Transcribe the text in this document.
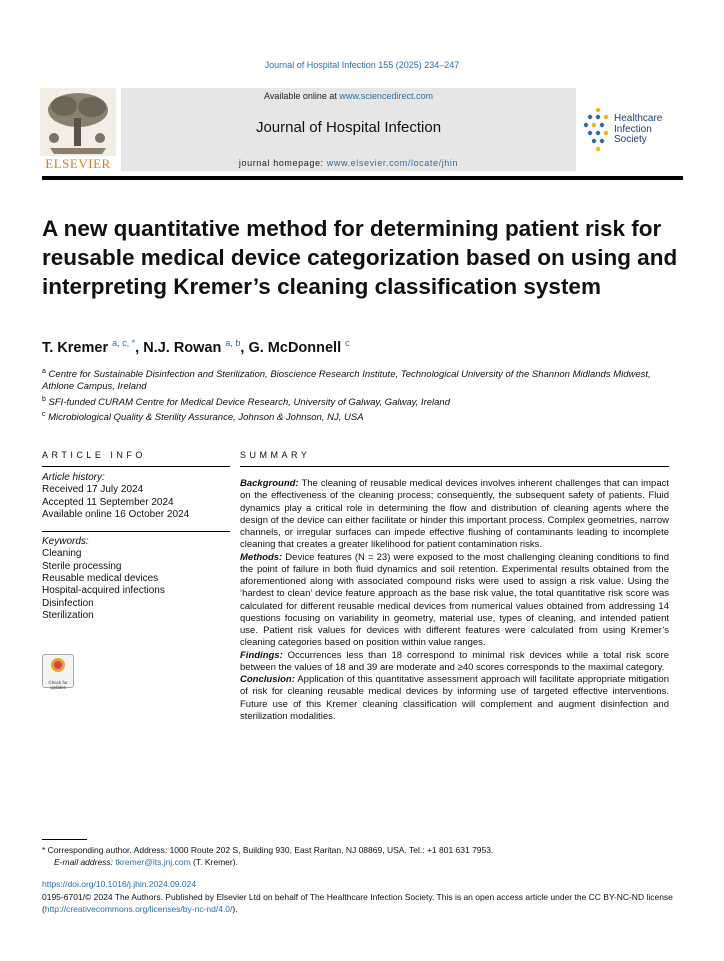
Journal of Hospital Infection 155 (2025) 234–247
Available online at www.sciencedirect.com
Journal of Hospital Infection
journal homepage: www.elsevier.com/locate/jhin
ELSEVIER
Healthcare
Infection
Society
A new quantitative method for determining patient risk for reusable medical device categorization based on using and interpreting Kremer’s cleaning classification system
T. Kremer $^{a, c, *}$, N.J. Rowan $^{a, b}$, G. McDonnell $^c$
$^a$ Centre for Sustainable Disinfection and Sterilization, Bioscience Research Institute, Technological University of the Shannon Midlands Midwest, Athlone Campus, Ireland
$^b$ SFI-funded CURAM Centre for Medical Device Research, University of Galway, Galway, Ireland
$^c$ Microbiological Quality & Sterility Assurance, Johnson & Johnson, NJ, USA
ARTICLE INFO
Article history:
Received 17 July 2024
Accepted 11 September 2024
Available online 16 October 2024
Keywords:
Cleaning
Sterile processing
Reusable medical devices
Hospital-acquired infections
Disinfection
Sterilization
Check for updates
SUMMARY

Background: The cleaning of reusable medical devices involves inherent challenges that can impact on the effectiveness of the cleaning process; consequently, the subsequent safety of patients. Fluid dynamics play a critical role in determining the flow and distribution of cleaning agents where the design of the device can either facilitate or hinder this important process. Complex geometries, narrow channels, or irregular surfaces can impede effective flushing of contaminants leading to incomplete cleaning that creates a greater likelihood for patient contamination risks.

Methods: Device features (N = 23) were exposed to the most challenging cleaning conditions to find the point of failure in both fluid dynamics and soil retention. Experimental results obtained from the aforementioned along with associated compound risks were used to assign a risk value. Using the ‘hardest to clean’ device feature approach as the base risk value, the total quantitative risk score was calculated for different reusable medical devices from numerical values obtained from addressing 14 questions focusing on variability in geometry, material use, types of cleaning, and intended patient use. Patient risk values for devices with different features were calculated from using Kremer’s cleaning categories based on position within value ranges.

Findings: Occurrences less than 18 correspond to minimal risk devices while a total risk score between the values of 18 and 39 are moderate and ≥40 scores corresponds to the maximal category.

Conclusion: Application of this quantitative assessment approach will facilitate appropriate mitigation of risk for cleaning reusable medical devices by informing use of targeted effective interventions. Future use of this Kremer cleaning classification will complement and augment disinfection and sterilization modalities.

* Corresponding author. Address: 1000 Route 202 S, Building 930, East Raritan, NJ 08869, USA. Tel.: +1 801 631 7953.
E-mail address: tkremer@its.jnj.com (T. Kremer).
https://doi.org/10.1016/j.jhin.2024.09.024
0195-6701/© 2024 The Authors. Published by Elsevier Ltd on behalf of The Healthcare Infection Society. This is an open access article under the CC BY-NC-ND license (http://creativecommons.org/licenses/by-nc-nd/4.0/).
